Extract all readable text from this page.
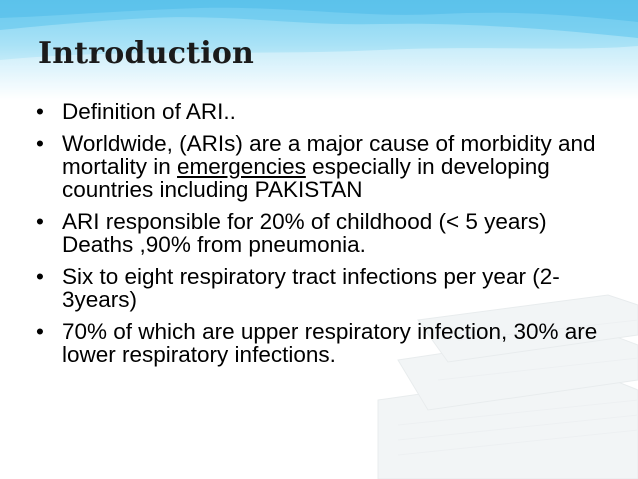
Introduction
• Definition of ARI..
• Worldwide, (ARIs) are a major cause of morbidity and mortality in emergencies especially in developing countries including PAKISTAN
• ARI responsible for 20% of childhood (< 5 years) Deaths ,90% from pneumonia.
• Six to eight respiratory tract infections per year (2-3years)
• 70% of which are upper respiratory infection, 30% are lower respiratory infections.
